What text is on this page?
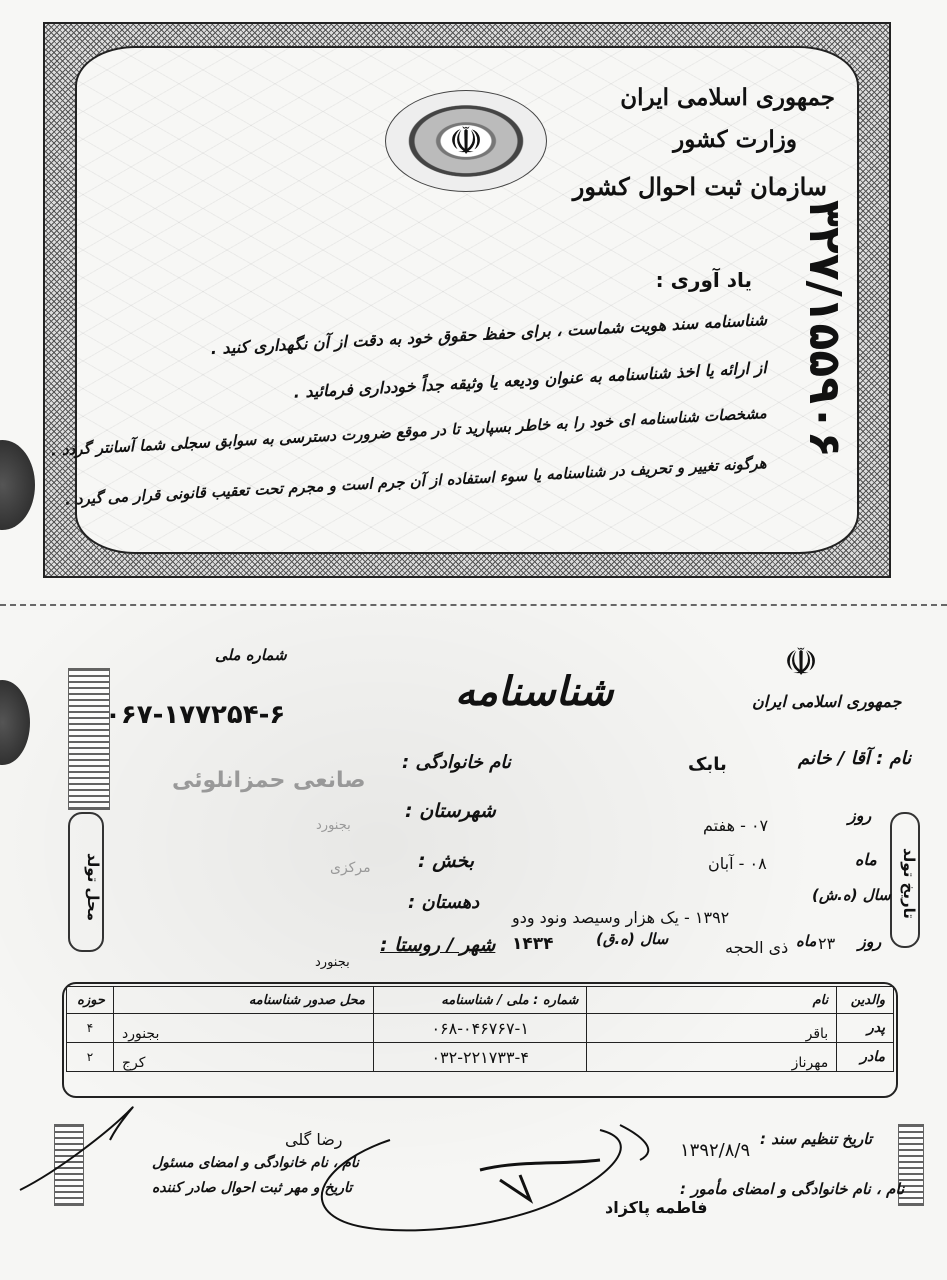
☫
جمهوری اسلامی ایران
وزارت کشور
سازمان ثبت احوال کشور
۳۲۷/۱۵۵۹۰۶
یاد آوری :
شناسنامه سند هویت شماست ، برای حفظ حقوق خود به دقت از آن نگهداری کنید .
از ارائه یا اخذ شناسنامه به عنوان ودیعه یا وثیقه جداً خودداری فرمائید .
مشخصات شناسنامه ای خود را به خاطر بسپارید تا در موقع ضرورت دسترسی به سوابق سجلی شما آسانتر گردد .
هرگونه تغییر و تحریف در شناسنامه یا سوء استفاده از آن جرم است و مجرم تحت تعقیب قانونی قرار می گیرد .
شماره ملی
۰۶۷-۱۷۷۲۵۴-۶	شناسنامه
☫
جمهوری اسلامی ایران
نام : آقا / خانم
بابک
نام خانوادگی :
صانعی حمزانلوئی
شهرستان :
بجنورد
بخش :
مرکزی
دهستان :
شهر / روستا :
بجنورد
تاریخ تولد
روز
۰۷ - هفتم
ماه
۰۸ - آبان
سال (ه.ش)
۱۳۹۲ - یک هزار وسیصد ونود ودو
روز
۲۳
ماه
ذی الحجه
سال (ه.ق)
۱۴۳۴
محل تولد
والدین	نام	شماره : ملی / شناسنامه	محل صدور شناسنامه	حوزه
پدر	باقر	۰۶۸-۰۴۶۷۶۷-۱	بجنورد	۴
مادر	مهرناز	۰۳۲-۲۲۱۷۳۳-۴	کرج	۲
تاریخ تنظیم سند :
۱۳۹۲/۸/۹
نام ، نام خانوادگی و امضای مأمور :
فاطمه پاکزاد
رضا گلی
نام ، نام خانوادگی و امضای مسئول
تاریخ و مهر ثبت احوال صادر کننده
